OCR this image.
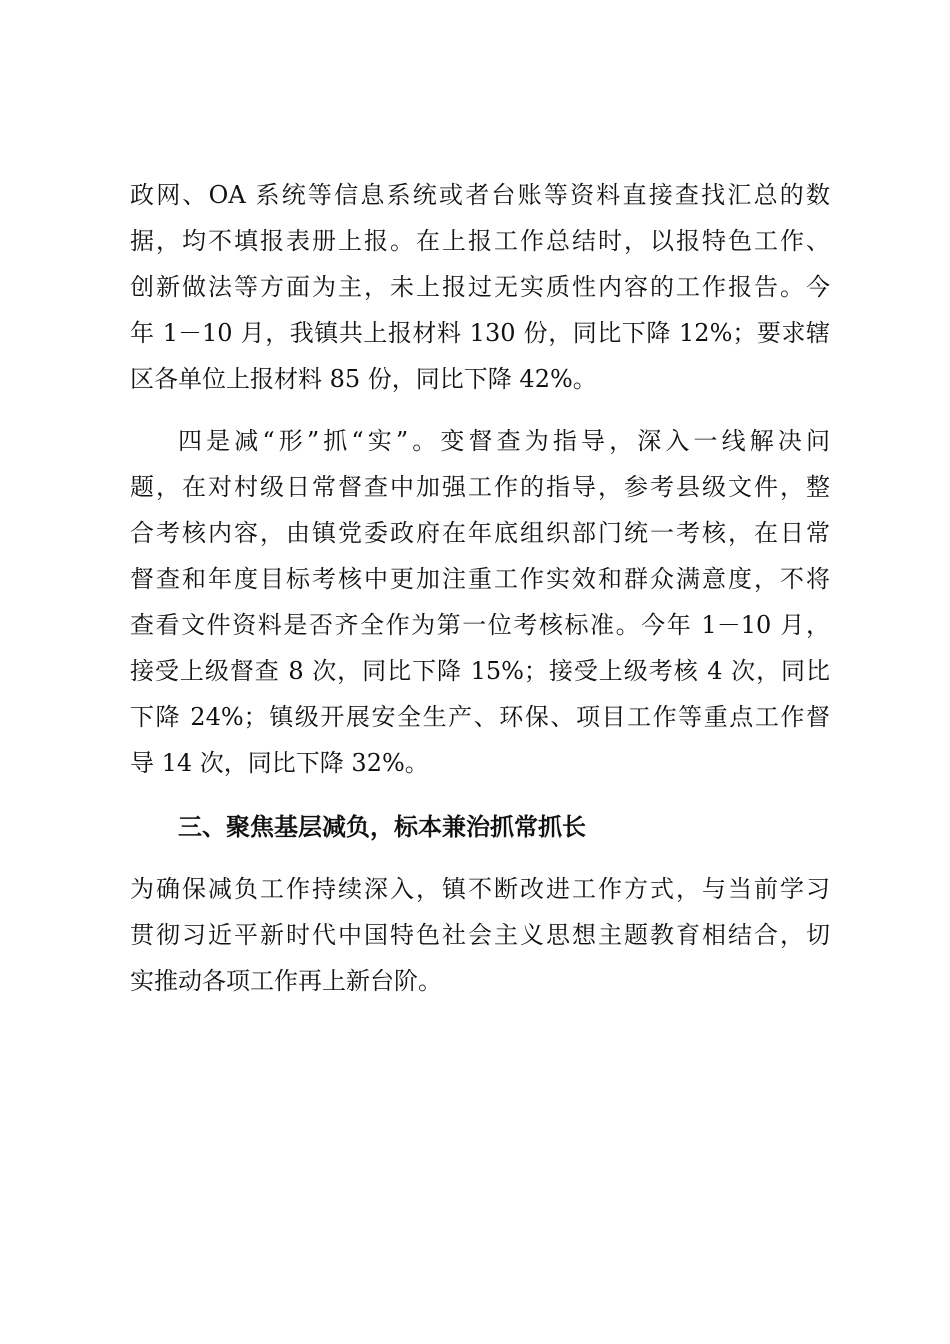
政网、OA 系统等信息系统或者台账等资料直接查找汇总的数
据，均不填报表册上报。在上报工作总结时，以报特色工作、
创新做法等方面为主，未上报过无实质性内容的工作报告。今
年 1－10 月，我镇共上报材料 130 份，同比下降 12%；要求辖
区各单位上报材料 85 份，同比下降 42%。
四是减“形”抓“实”。变督查为指导，深入一线解决问
题，在对村级日常督查中加强工作的指导，参考县级文件，整
合考核内容，由镇党委政府在年底组织部门统一考核，在日常
督查和年度目标考核中更加注重工作实效和群众满意度，不将
查看文件资料是否齐全作为第一位考核标准。今年 1－10 月，
接受上级督查 8 次，同比下降 15%；接受上级考核 4 次，同比
下降 24%；镇级开展安全生产、环保、项目工作等重点工作督
导 14 次，同比下降 32%。
三、聚焦基层减负，标本兼治抓常抓长
为确保减负工作持续深入，镇不断改进工作方式，与当前学习
贯彻习近平新时代中国特色社会主义思想主题教育相结合，切
实推动各项工作再上新台阶。
